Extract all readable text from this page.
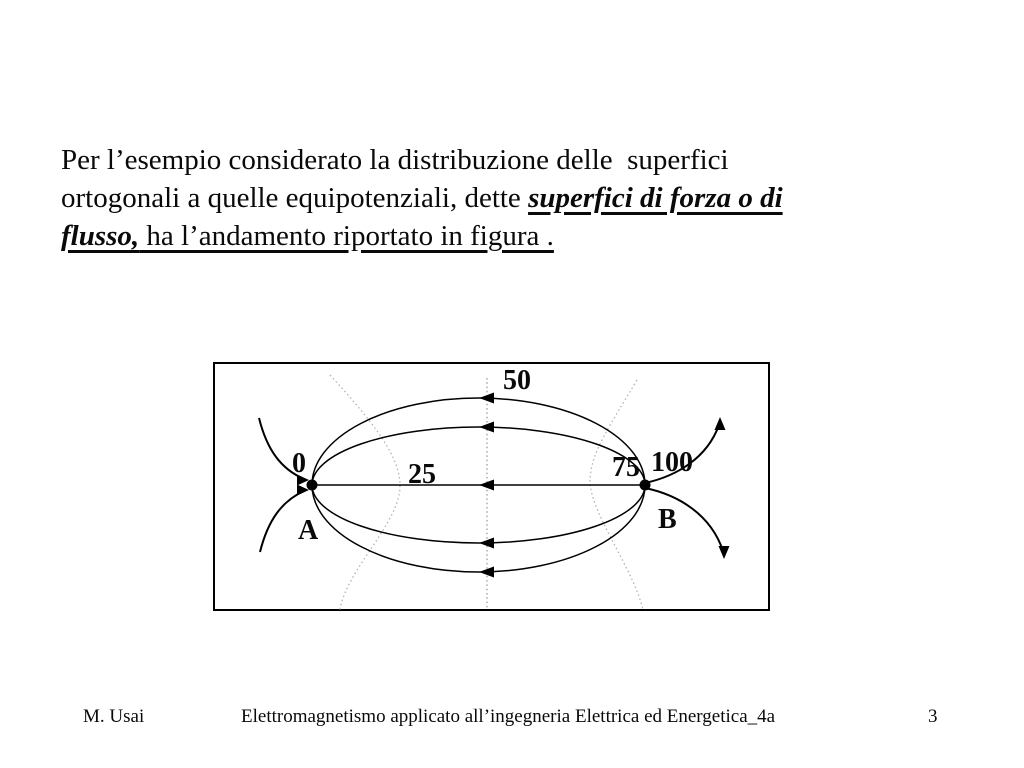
Per l’esempio considerato la distribuzione delle  superfici
ortogonali a quelle equipotenziali, dette superfici di forza o di
flusso, ha l’andamento riportato in figura .
0	25
50
75 100
A	B
M. Usai	Elettromagnetismo applicato all’ingegneria Elettrica ed Energetica_4a	3
